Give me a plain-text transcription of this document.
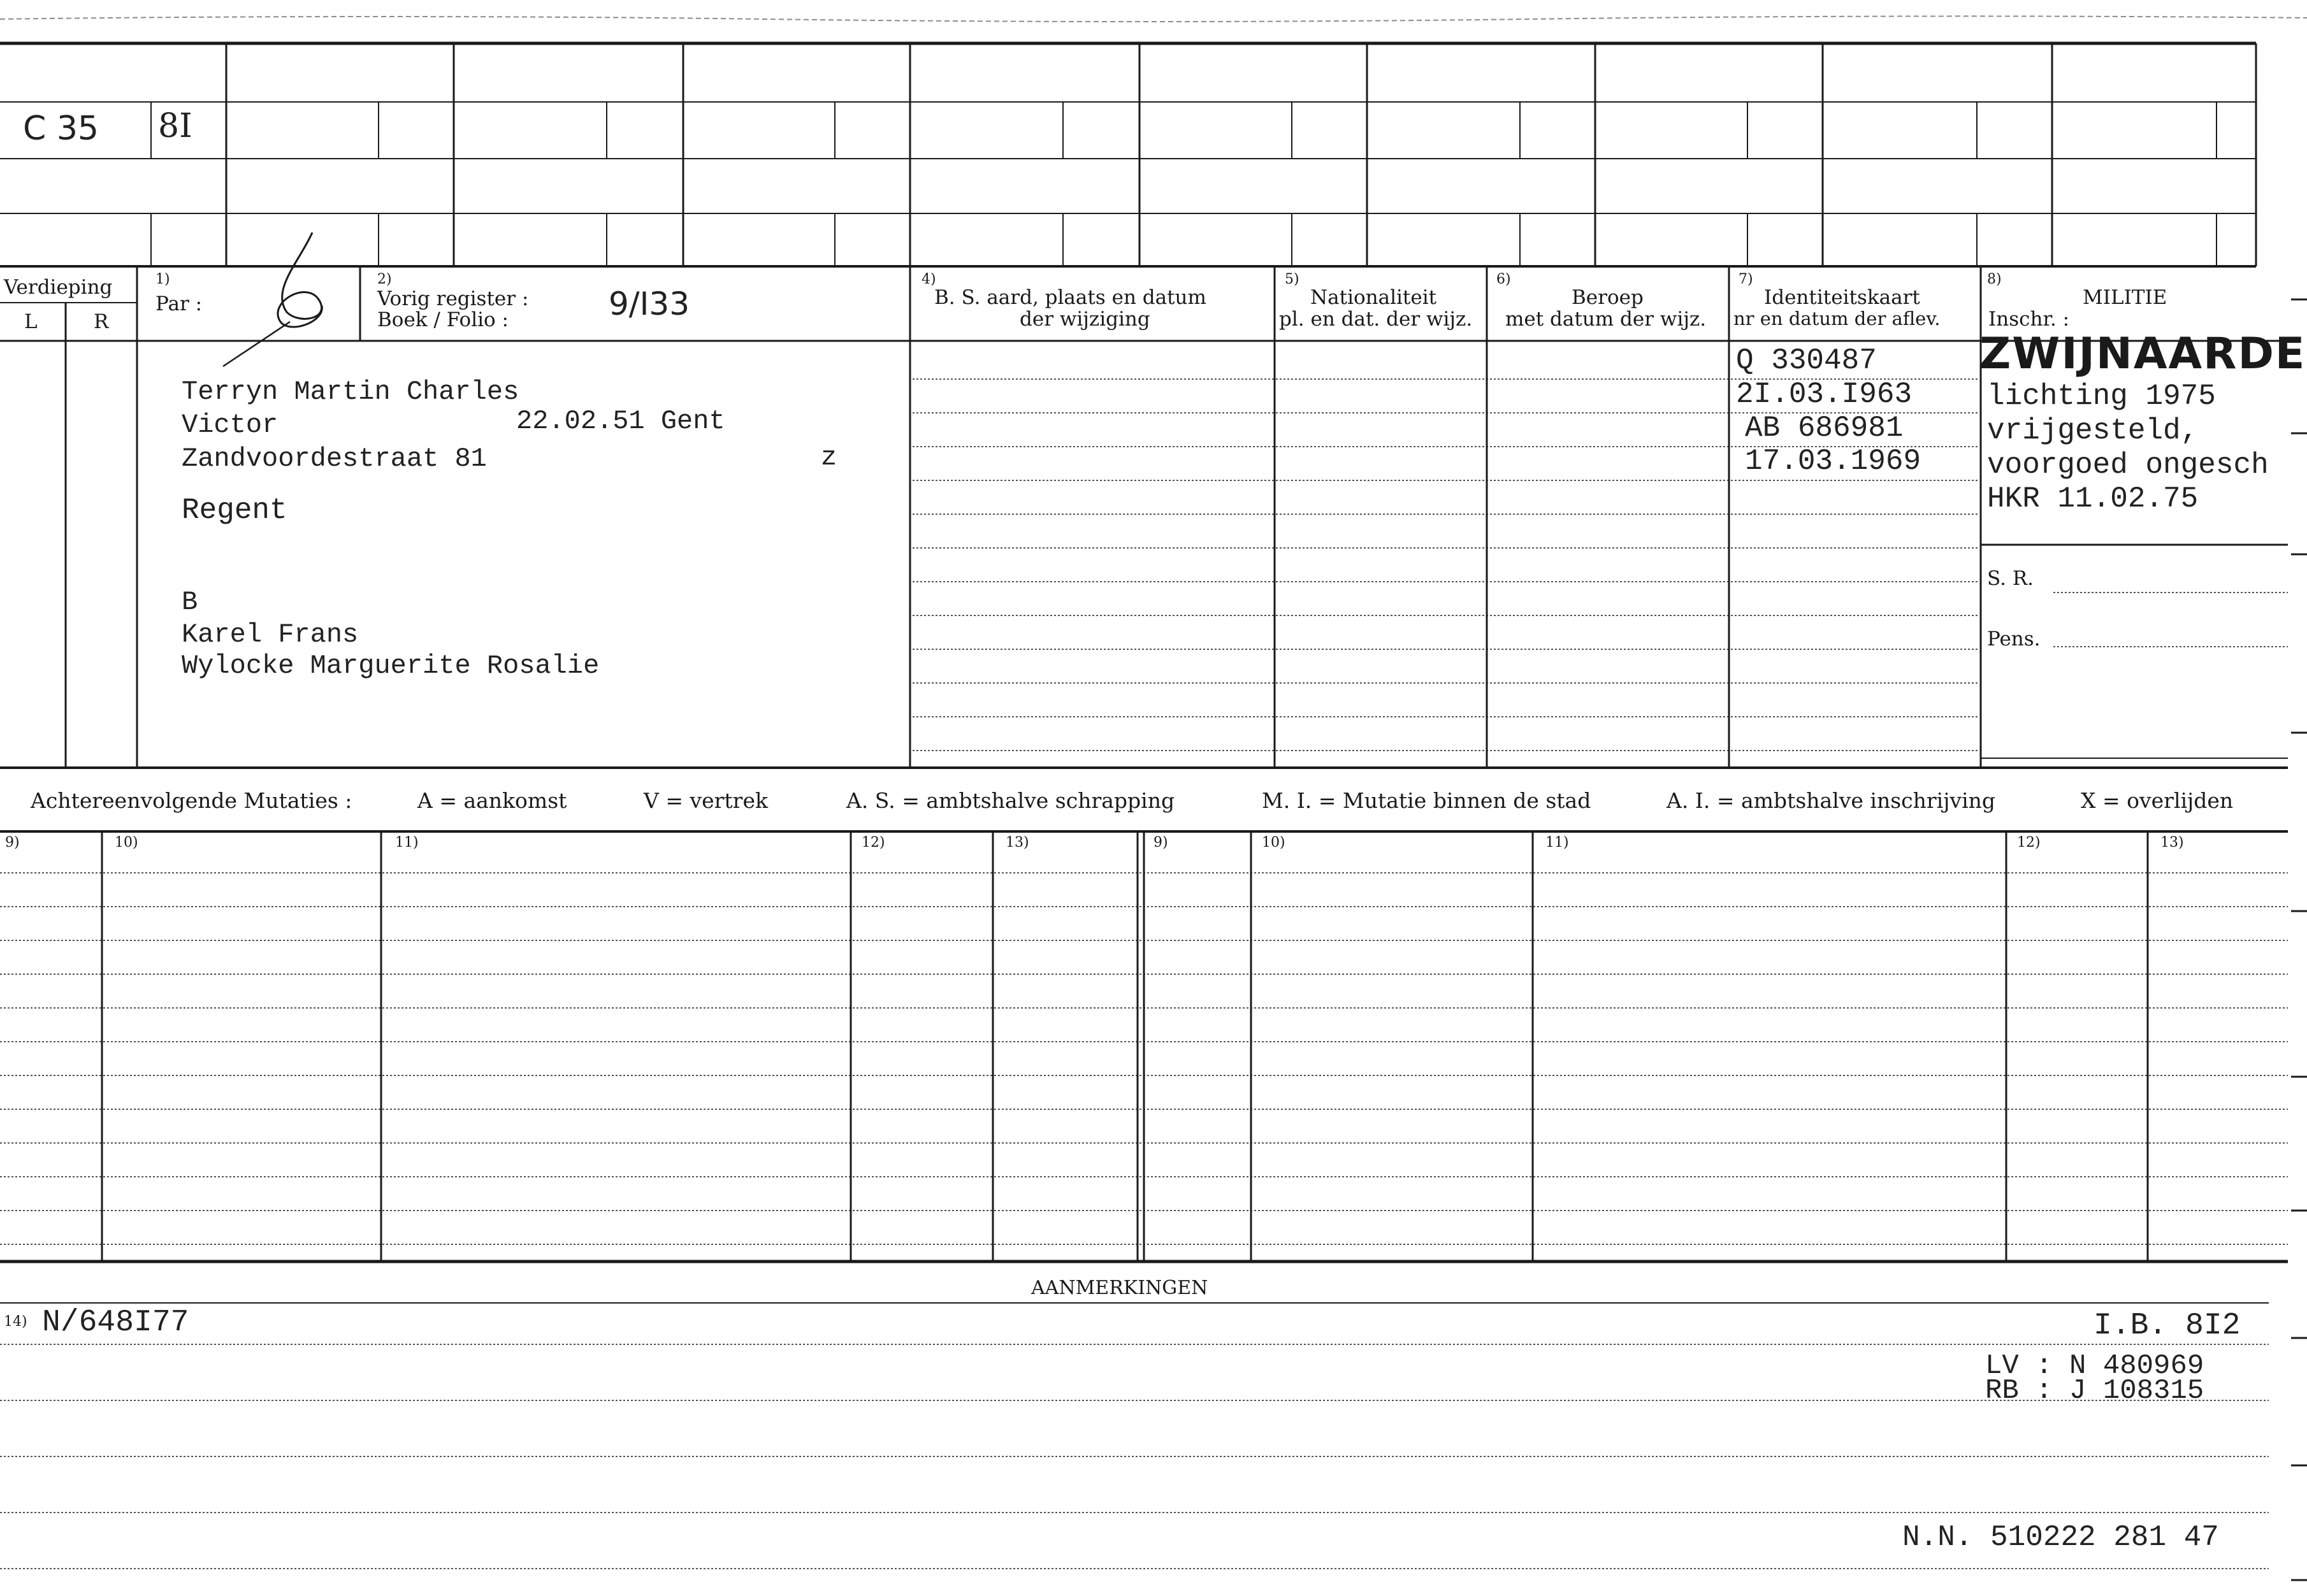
C 35 8I
Verdieping
L	R
1)
Par :
2)
Vorig register :
Boek / Folio :	9/I33
4)
B. S. aard, plaats en datum
der wijziging
5)
Nationaliteit
pl. en dat. der wijz.
6)
Beroep
met datum der wijz.
7)
Identiteitskaart
nr en datum der aflev.
8)
MILITIE
Inschr. :
Terryn Martin Charles
Victor	22.02.51 Gent
Zandvoordestraat 81	z
Regent
B
Karel Frans
Wylocke Marguerite Rosalie
Q 330487
2I.03.I963
AB 686981
17.03.1969
ZWIJNAARDE
lichting 1975
vrijgesteld,
voorgoed ongesch
HKR 11.02.75
S. R.
Pens.
Achtereenvolgende Mutaties :	A = aankomst	V = vertrek	A. S. = ambtshalve schrapping	M. I. = Mutatie binnen de stad	A. I. = ambtshalve inschrijving	X = overlijden
9)	10)	11)	12)	13)	9)	10)	11)	12)	13)
AANMERKINGEN
14) N/648I77	I.B. 8I2
LV : N 480969
RB : J 108315
N.N. 510222 281 47
